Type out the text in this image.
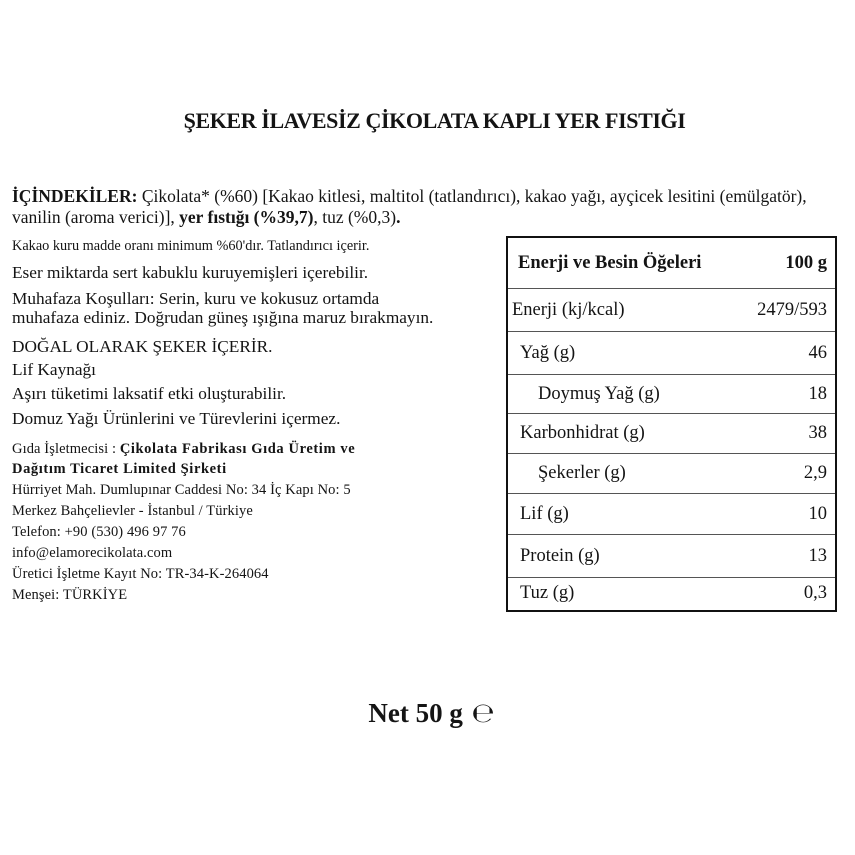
ŞEKER İLAVESİZ ÇİKOLATA KAPLI YER FISTIĞI
İÇİNDEKİLER: Çikolata* (%60) [Kakao kitlesi, maltitol (tatlandırıcı), kakao yağı, ayçicek lesitini (emülgatör), vanilin (aroma verici)], yer fıstığı (%39,7), tuz (%0,3).
Kakao kuru madde oranı minimum %60'dır. Tatlandırıcı içerir.
Eser miktarda sert kabuklu kuruyemişleri içerebilir.
Muhafaza Koşulları: Serin, kuru ve kokusuz ortamda
muhafaza ediniz. Doğrudan güneş ışığına maruz bırakmayın.
DOĞAL OLARAK ŞEKER İÇERİR.
Lif Kaynağı
Aşırı tüketimi laksatif etki oluşturabilir.
Domuz Yağı Ürünlerini ve Türevlerini içermez.
Gıda İşletmecisi : Çikolata Fabrikası Gıda Üretim ve
Dağıtım Ticaret Limited Şirketi
Hürriyet Mah. Dumlupınar Caddesi No: 34 İç Kapı No: 5
Merkez Bahçelievler - İstanbul / Türkiye
Telefon: +90 (530) 496 97 76
info@elamorecikolata.com
Üretici İşletme Kayıt No: TR-34-K-264064
Menşei: TÜRKİYE
Enerji ve Besin Öğeleri	100 g
Enerji (kj/kcal)	2479/593
Yağ (g)	46
Doymuş Yağ (g)	18
Karbonhidrat (g)	38
Şekerler (g)	2,9
Lif (g)	10
Protein (g)	13
Tuz (g)	0,3
Net 50 g ℮
